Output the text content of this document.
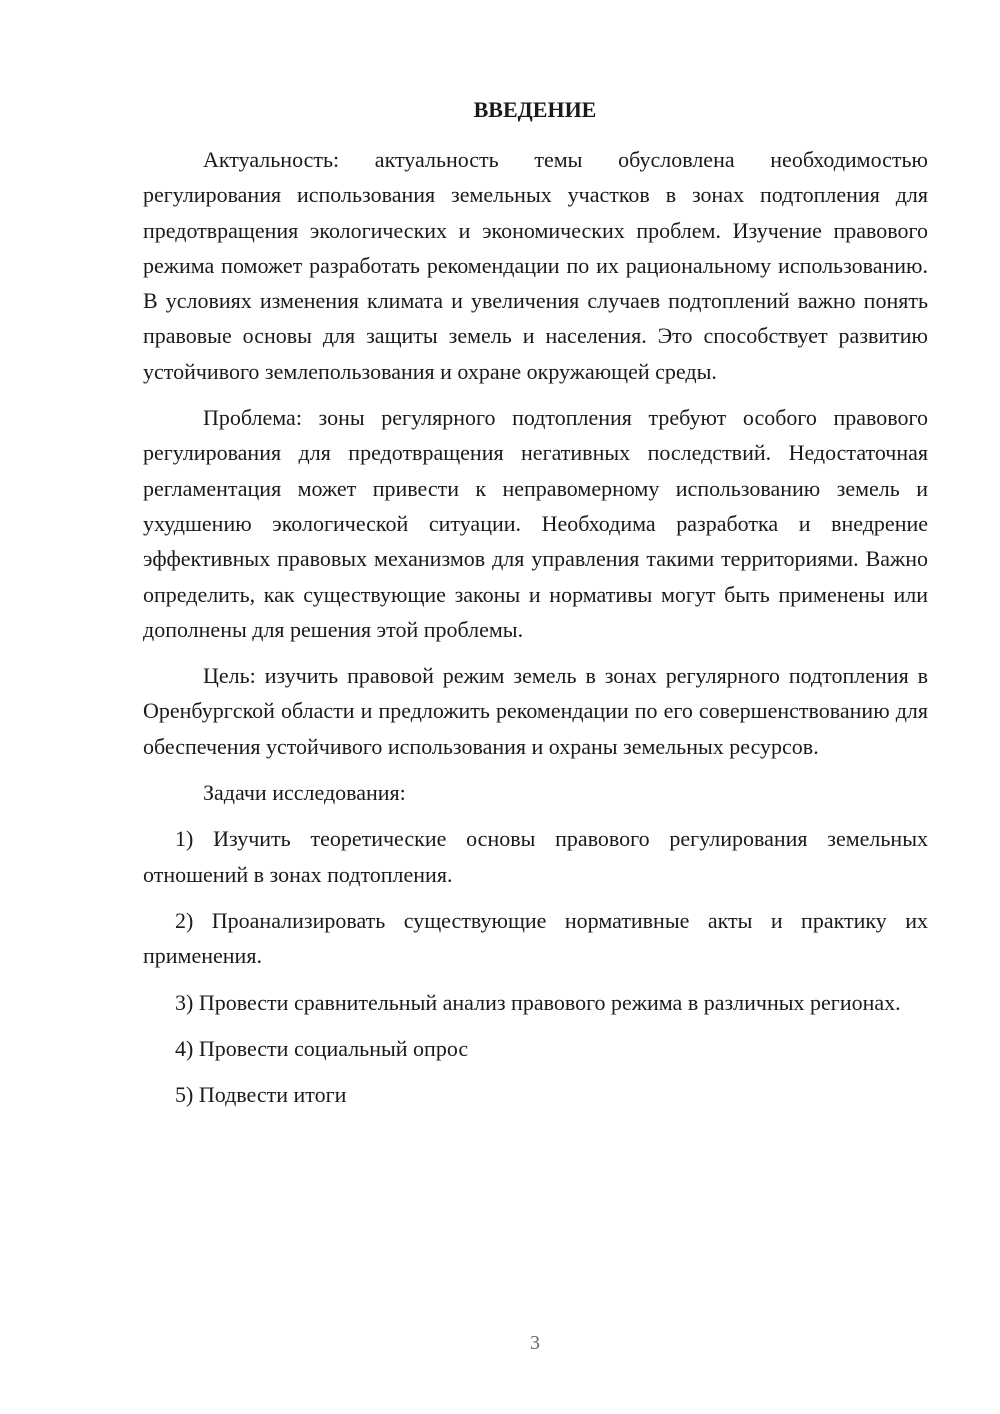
ВВЕДЕНИЕ

Актуальность: актуальность темы обусловлена необходимостью регулирования использования земельных участков в зонах подтопления для предотвращения экологических и экономических проблем. Изучение правового режима поможет разработать рекомендации по их рациональному использованию. В условиях изменения климата и увеличения случаев подтоплений важно понять правовые основы для защиты земель и населения. Это способствует развитию устойчивого землепользования и охране окружающей среды.

Проблема: зоны регулярного подтопления требуют особого правового регулирования для предотвращения негативных последствий. Недостаточная регламентация может привести к неправомерному использованию земель и ухудшению экологической ситуации. Необходима разработка и внедрение эффективных правовых механизмов для управления такими территориями. Важно определить, как существующие законы и нормативы могут быть применены или дополнены для решения этой проблемы.

Цель: изучить правовой режим земель в зонах регулярного подтопления в Оренбургской области и предложить рекомендации по его совершенствованию для обеспечения устойчивого использования и охраны земельных ресурсов.

Задачи исследования:

1) Изучить теоретические основы правового регулирования земельных отношений в зонах подтопления.

2) Проанализировать существующие нормативные акты и практику их применения.

3) Провести сравнительный анализ правового режима в различных регионах.

4) Провести социальный опрос

5) Подвести итоги

3
